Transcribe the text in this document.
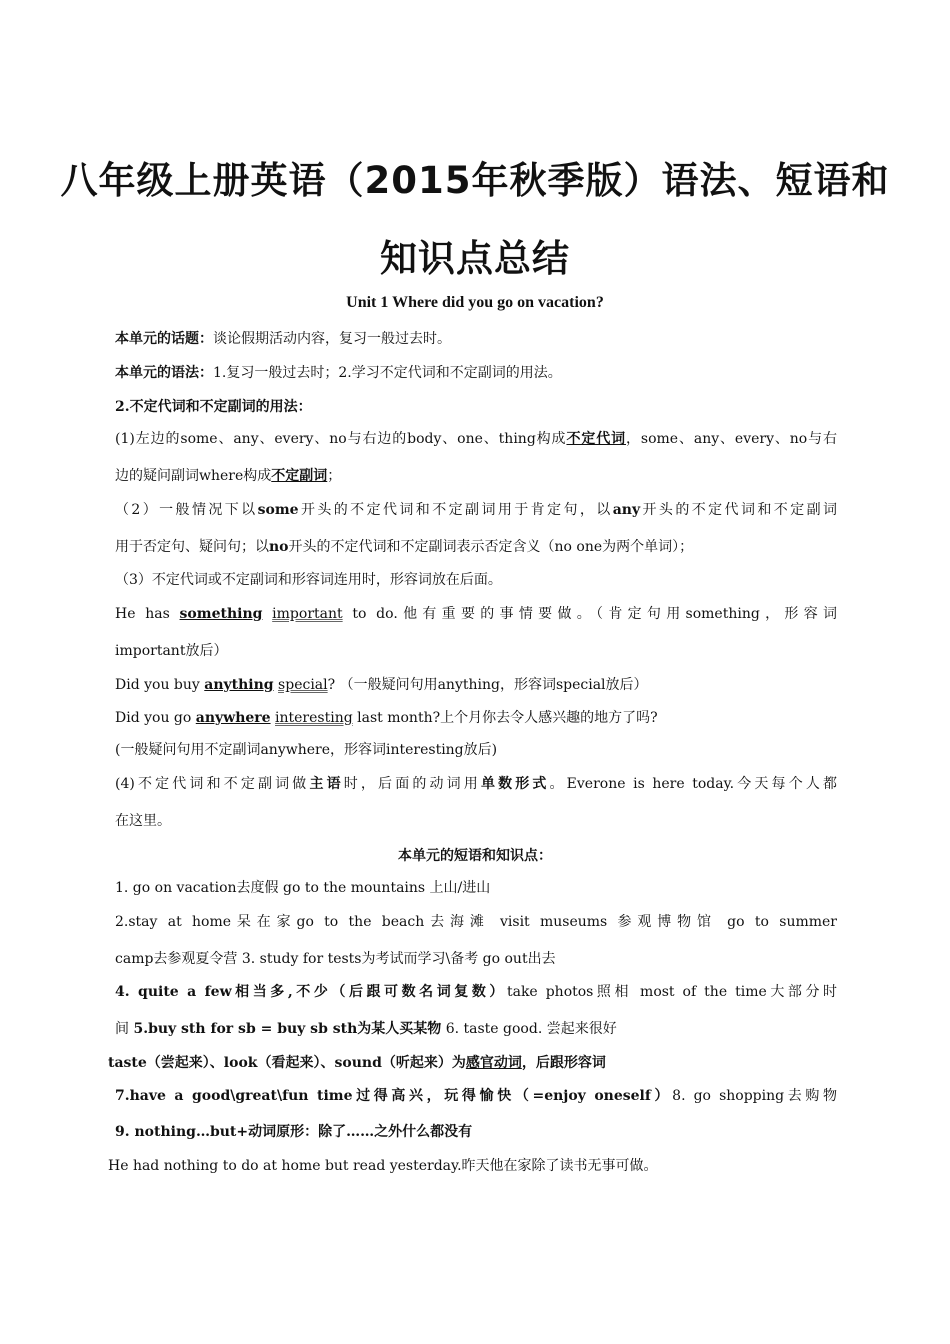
八年级上册英语（2015年秋季版）语法、短语和
知识点总结
Unit 1 Where did you go on vacation?
本单元的话题：谈论假期活动内容，复习一般过去时。
本单元的语法：1.复习一般过去时；2.学习不定代词和不定副词的用法。
2.不定代词和不定副词的用法：
(1)左边的some、any、every、no与右边的body、one、thing构成不定代词，some、any、every、no与右
边的疑问副词where构成不定副词；
（2）一般情况下以some开头的不定代词和不定副词用于肯定句，以any开头的不定代词和不定副词
用于否定句、疑问句；以no开头的不定代词和不定副词表示否定含义（no one为两个单词）；
（3）不定代词或不定副词和形容词连用时，形容词放在后面。
He has something important to do.他有重要的事情要做。（肯定句用something，形容词
important放后）
Did you buy anything special? （一般疑问句用anything，形容词special放后）
Did you go anywhere interesting last month?上个月你去令人感兴趣的地方了吗?
(一般疑问句用不定副词anywhere，形容词interesting放后)
(4)不定代词和不定副词做主语时，后面的动词用单数形式。Everone is here today.今天每个人都
在这里。
本单元的短语和知识点：
1. go on vacation去度假 go to the mountains 上山/进山
2.stay at home呆在家go to the beach去海滩 visit museums 参观博物馆 go to summer
camp去参观夏令营 3. study for tests为考试而学习\备考 go out出去
4. quite a few相当多,不少（后跟可数名词复数）take photos照相 most of the time大部分时
间 5.buy sth for sb = buy sb sth为某人买某物 6. taste good. 尝起来很好
taste（尝起来）、look（看起来）、sound（听起来）为感官动词，后跟形容词
7.have a good\great\fun time过得高兴，玩得愉快（=enjoy oneself）8. go shopping去购物
9. nothing…but+动词原形：除了……之外什么都没有
He had nothing to do at home but read yesterday.昨天他在家除了读书无事可做。
